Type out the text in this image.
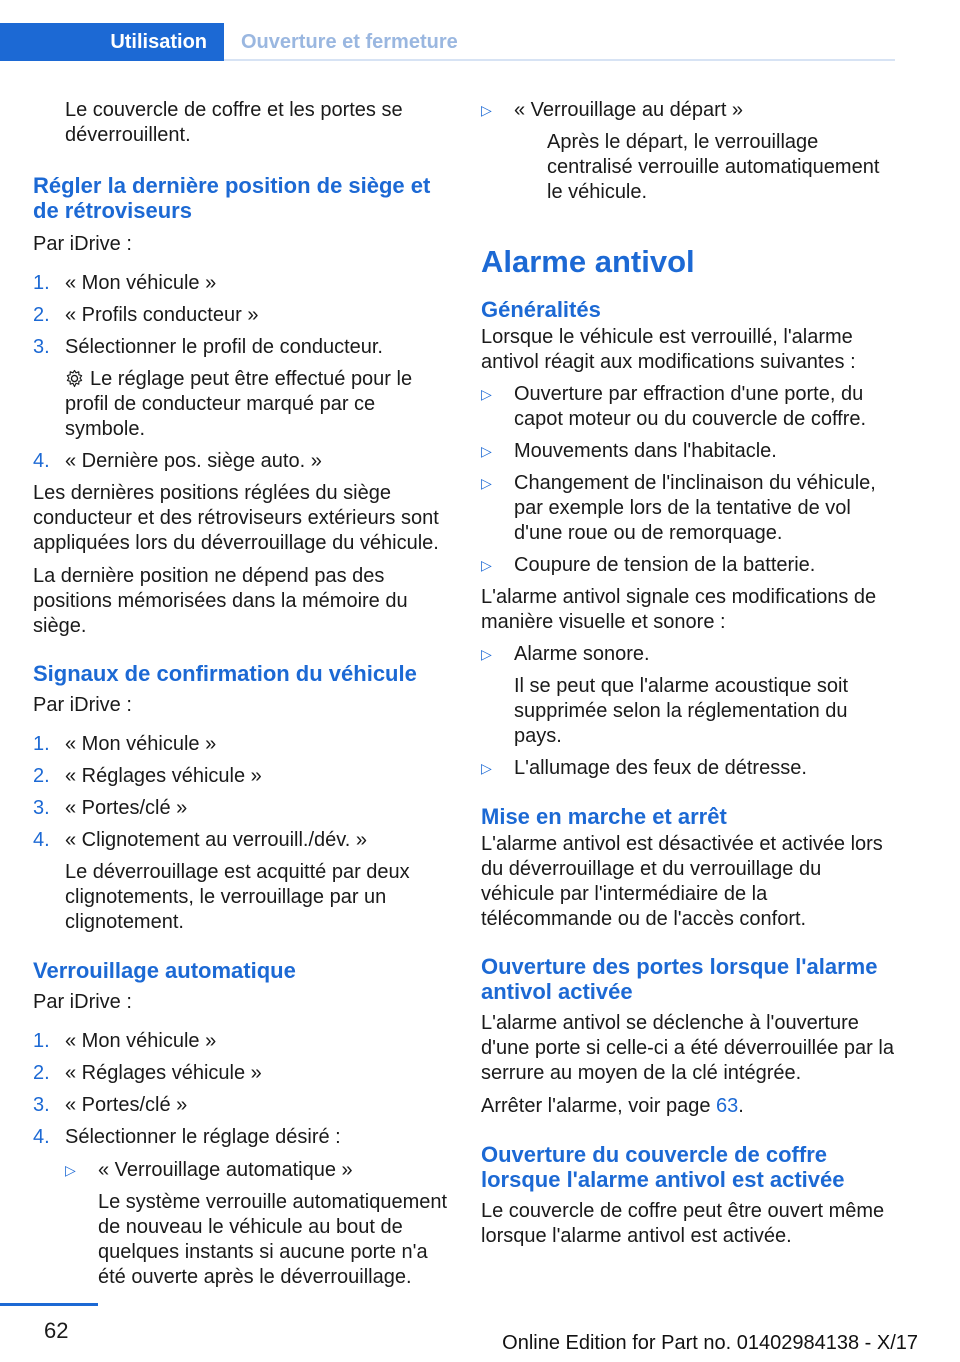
Utilisation	Ouverture et fermeture

Le couvercle de coffre et les portes se déverrouillent.

Régler la dernière position de siège et de rétroviseurs

Par iDrive :

1. « Mon véhicule »
2. « Profils conducteur »
3. Sélectionner le profil de conducteur.

Le réglage peut être effectué pour le profil de conducteur marqué par ce symbole.

4. « Dernière pos. siège auto. »

Les dernières positions réglées du siège conducteur et des rétroviseurs extérieurs sont appliquées lors du déverrouillage du véhicule.

La dernière position ne dépend pas des positions mémorisées dans la mémoire du siège.

Signaux de confirmation du véhicule

Par iDrive :

1. « Mon véhicule »
2. « Réglages véhicule »
3. « Portes/clé »
4. « Clignotement au verrouill./dév. »

Le déverrouillage est acquitté par deux clignotements, le verrouillage par un clignotement.

Verrouillage automatique

Par iDrive :

1. « Mon véhicule »
2. « Réglages véhicule »
3. « Portes/clé »
4. Sélectionner le réglage désiré :
▷	« Verrouillage automatique »

Le système verrouille automatiquement de nouveau le véhicule au bout de quelques instants si aucune porte n'a été ouverte après le déverrouillage.

▷	« Verrouillage au départ »

Après le départ, le verrouillage centralisé verrouille automatiquement le véhicule.

Alarme antivol
Généralités

Lorsque le véhicule est verrouillé, l'alarme antivol réagit aux modifications suivantes :

▷	Ouverture par effraction d'une porte, du capot moteur ou du couvercle de coffre.
▷	Mouvements dans l'habitacle.
▷	Changement de l'inclinaison du véhicule, par exemple lors de la tentative de vol d'une roue ou de remorquage.
▷	Coupure de tension de la batterie.

L'alarme antivol signale ces modifications de manière visuelle et sonore :

▷	Alarme sonore.

Il se peut que l'alarme acoustique soit supprimée selon la réglementation du pays.

▷	L'allumage des feux de détresse.
Mise en marche et arrêt

L'alarme antivol est désactivée et activée lors du déverrouillage et du verrouillage du véhicule par l'intermédiaire de la télécommande ou de l'accès confort.

Ouverture des portes lorsque l'alarme antivol activée

L'alarme antivol se déclenche à l'ouverture d'une porte si celle-ci a été déverrouillée par la serrure au moyen de la clé intégrée.

Arrêter l'alarme, voir page 63.

Ouverture du couvercle de coffre lorsque l'alarme antivol est activée

Le couvercle de coffre peut être ouvert même lorsque l'alarme antivol est activée.

62	Online Edition for Part no. 01402984138 - X/17
